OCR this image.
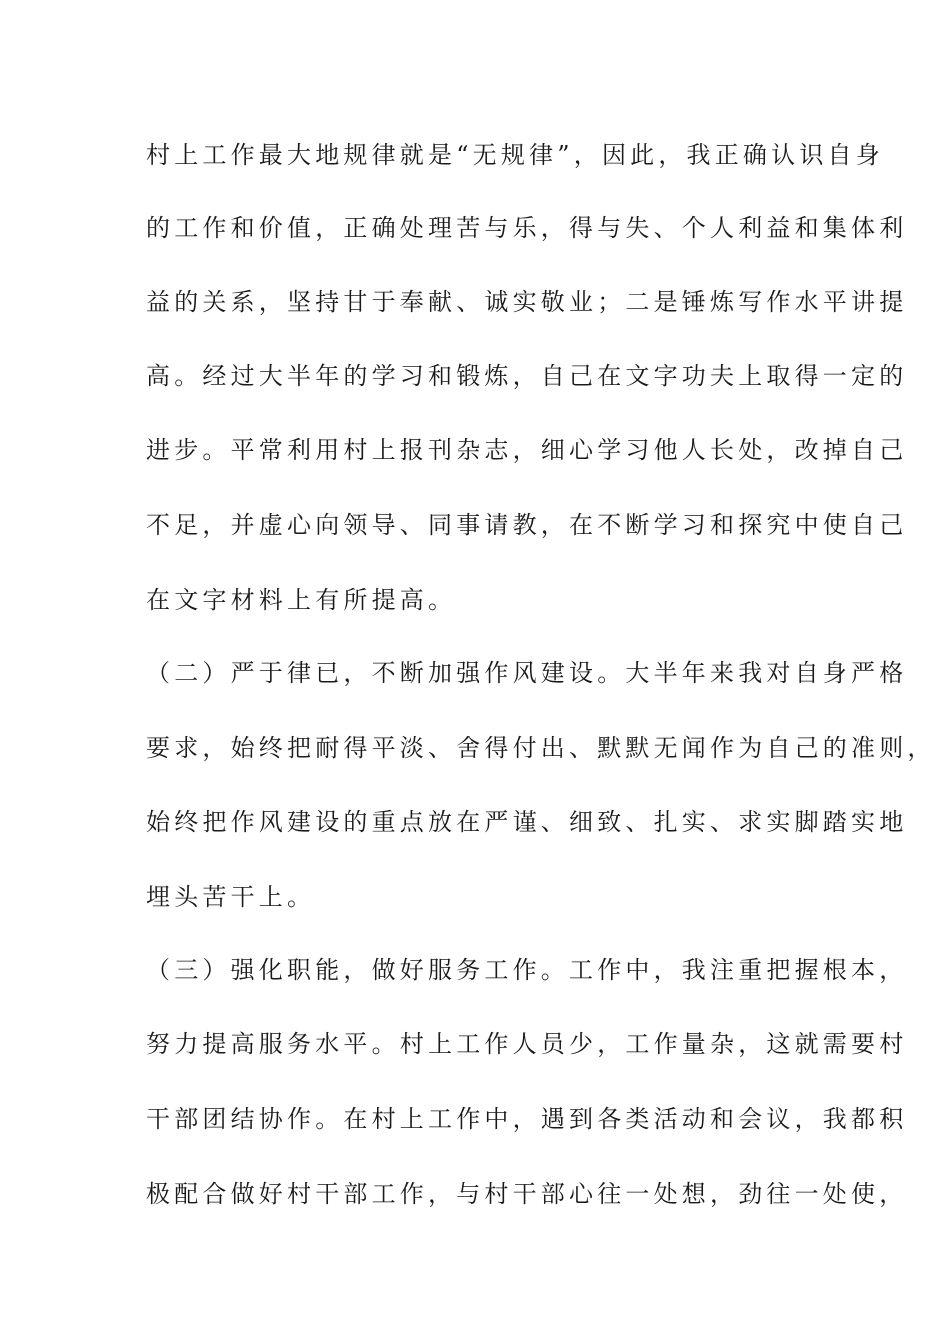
村上工作最大地规律就是“无规律”，因此，我正确认识自身
的工作和价值，正确处理苦与乐，得与失、个人利益和集体利
益的关系，坚持甘于奉献、诚实敬业；二是锤炼写作水平讲提
高。经过大半年的学习和锻炼，自己在文字功夫上取得一定的
进步。平常利用村上报刊杂志，细心学习他人长处，改掉自己
不足，并虚心向领导、同事请教，在不断学习和探究中使自己
在文字材料上有所提高。
（二）严于律已，不断加强作风建设。大半年来我对自身严格
要求，始终把耐得平淡、舍得付出、默默无闻作为自己的准则，
始终把作风建设的重点放在严谨、细致、扎实、求实脚踏实地
埋头苦干上。
（三）强化职能，做好服务工作。工作中，我注重把握根本，
努力提高服务水平。村上工作人员少，工作量杂，这就需要村
干部团结协作。在村上工作中，遇到各类活动和会议，我都积
极配合做好村干部工作，与村干部心往一处想，劲往一处使，
